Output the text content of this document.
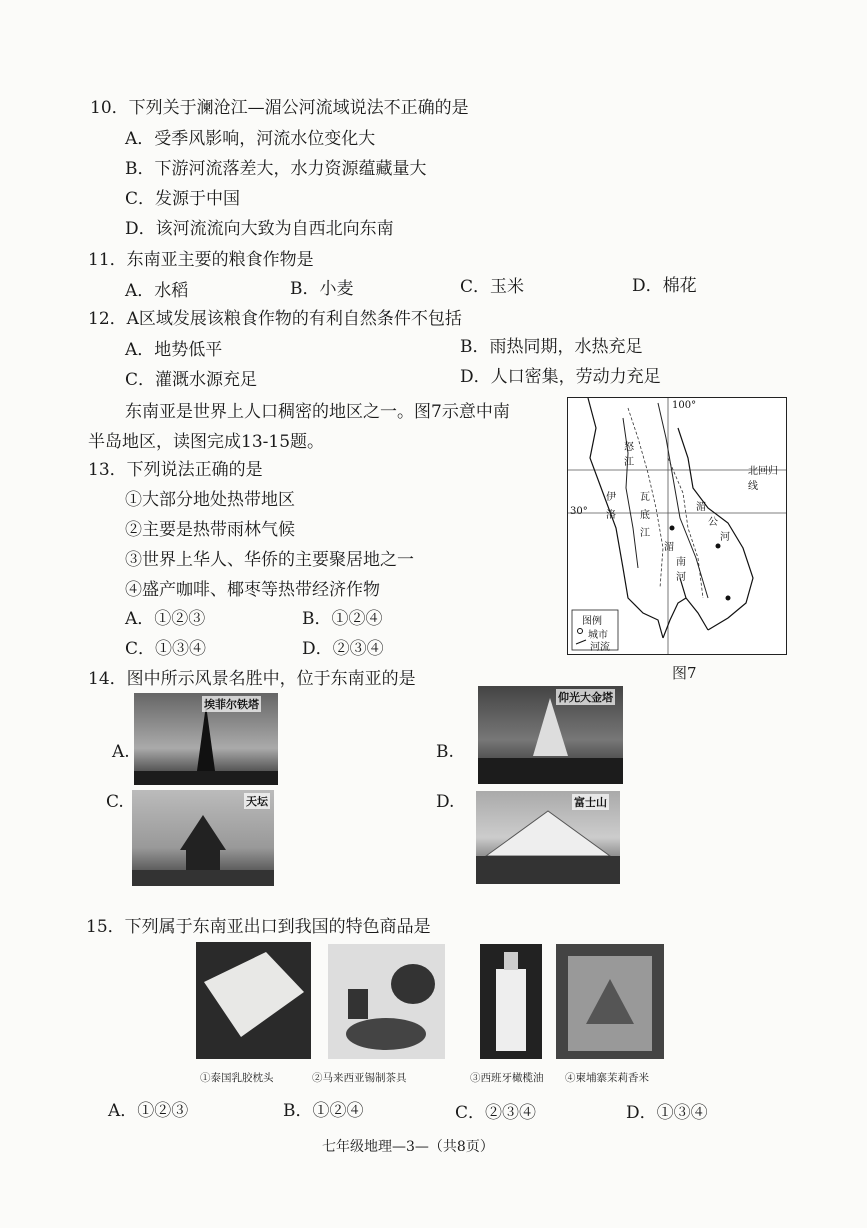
10．下列关于澜沧江—湄公河流域说法不正确的是
A．受季风影响，河流水位变化大
B．下游河流落差大，水力资源蕴藏量大
C．发源于中国
D．该河流流向大致为自西北向东南
11．东南亚主要的粮食作物是
A．水稻	B．小麦	C．玉米	D．棉花
12．A区域发展该粮食作物的有利自然条件不包括
A．地势低平	B．雨热同期，水热充足
C．灌溉水源充足	D．人口密集，劳动力充足
东南亚是世界上人口稠密的地区之一。图7示意中南
半岛地区，读图完成13-15题。
13．下列说法正确的是
①大部分地处热带地区
②主要是热带雨林气候
③世界上华人、华侨的主要聚居地之一
④盛产咖啡、椰枣等热带经济作物
A．①②③	B．①②④
C．①③④	D．②③④
100°
北回归线
30°
怒
江
伊
洛
瓦
底
江
湄
公
河
湄
南
河
图例
城市
河流
图7
14．图中所示风景名胜中，位于东南亚的是
A.
埃菲尔铁塔
B.
仰光大金塔
C.	天坛	D.	富士山
15．下列属于东南亚出口到我国的特色商品是
①泰国乳胶枕头	②马来西亚锡制茶具	③西班牙橄榄油 ④柬埔寨茉莉香米
A．①②③	B．①②④	C．②③④	D．①③④
七年级地理—3—（共8页）
